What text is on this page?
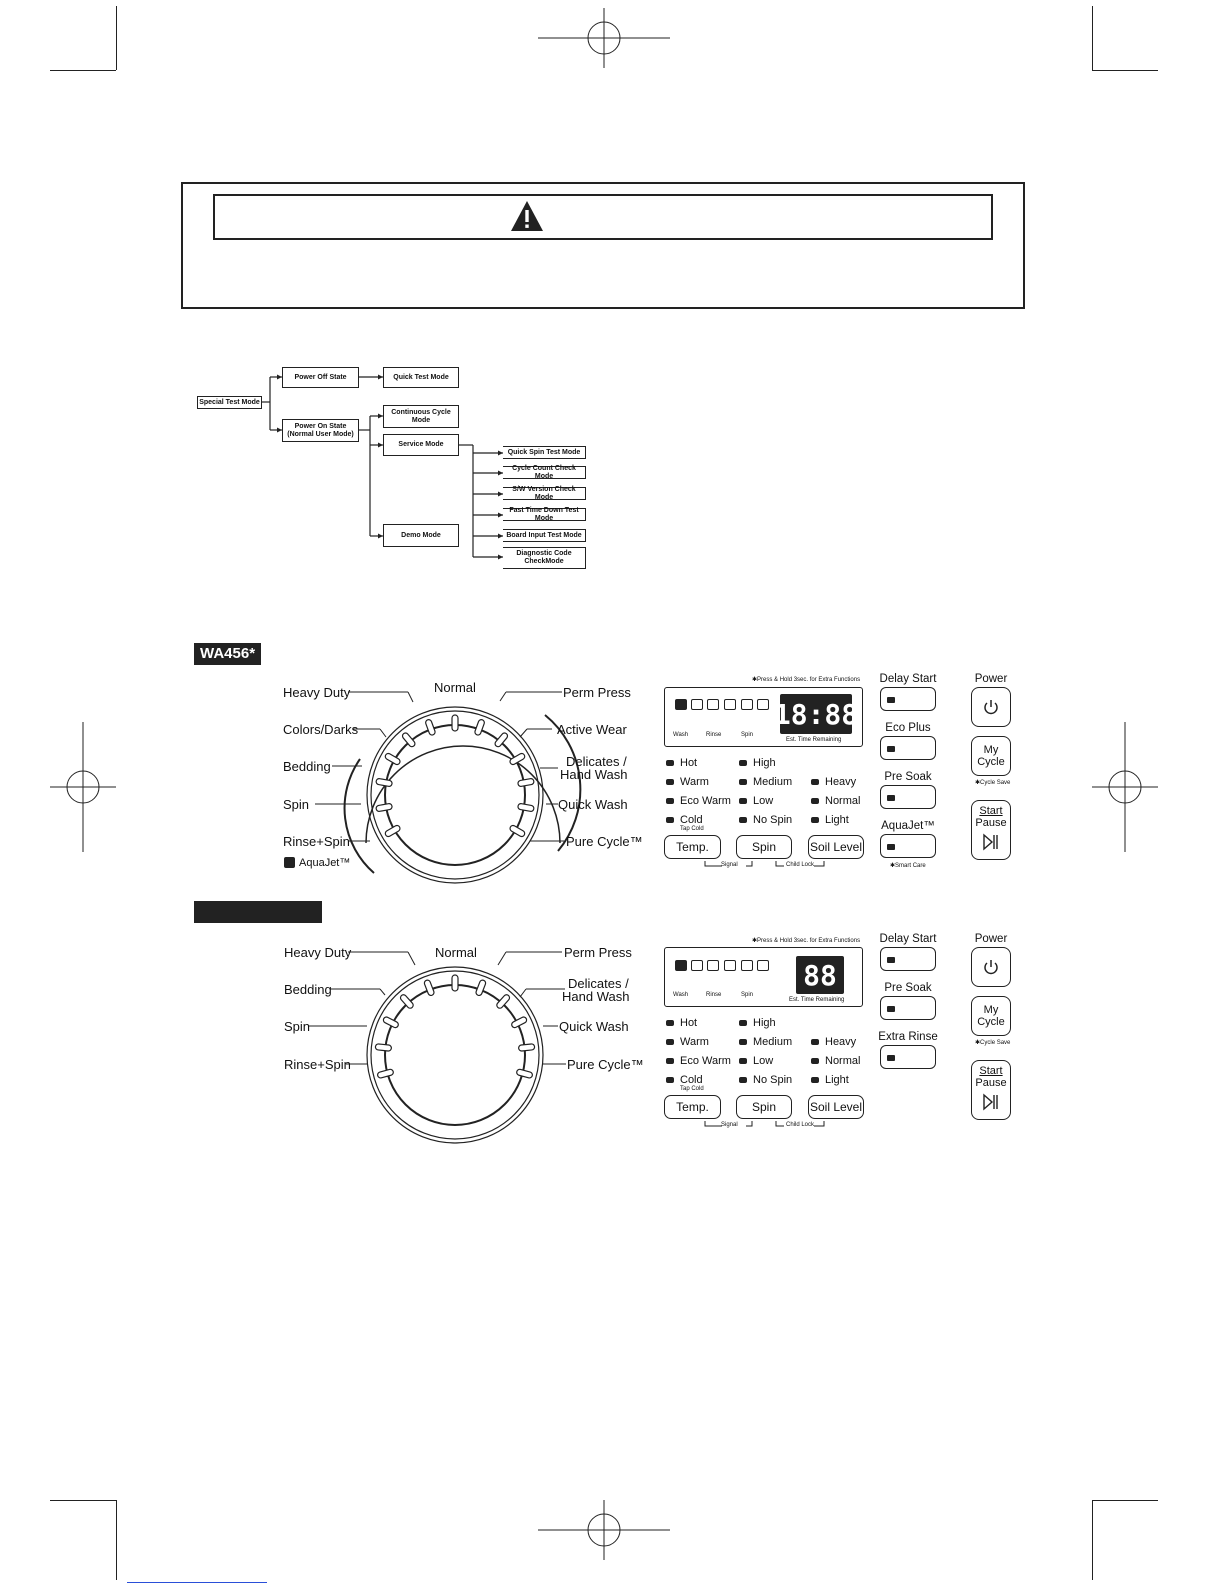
Special Test Mode
Power Off State	Quick Test Mode
Power On State (Normal User Mode)
Continuous Cycle Mode
Service Mode
Demo Mode
Quick Spin Test Mode
Cycle Count Check Mode
S/W Version Check Mode
Fast Time Down Test Mode
Board Input Test Mode
Diagnostic Code CheckMode
WA456*
Heavy Duty
Colors/Darks
Bedding
Spin
Rinse+Spin
Normal	Perm Press
Active Wear
Delicates /
Hand Wash
Quick Wash
Pure Cycle™
AquaJet™
✱Press & Hold 3sec. for Extra Functions
Wash	Rinse	Spin
18:88
Est. Time Remaining
Hot
Warm
Eco Warm
Cold
Tap Cold
High
Medium
Low
No Spin
Heavy
Normal
Light
Temp.	Spin	Soil Level
Signal	Child Lock
Delay Start
Eco Plus
Pre Soak
AquaJet™
✱Smart Care
Power
My
Cycle
✱Cycle Save
Start
Pause
Heavy Duty
Bedding
Spin
Rinse+Spin
Normal	Perm Press
Delicates /
Hand Wash
Quick Wash
Pure Cycle™
✱Press & Hold 3sec. for Extra Functions
Wash	Rinse	Spin
88
Est. Time Remaining
Hot
Warm
Eco Warm
Cold
Tap Cold
High
Medium
Low
No Spin
Heavy
Normal
Light
Temp.	Spin	Soil Level
Signal	Child Lock
Delay Start
Pre Soak
Extra Rinse
Power
My
Cycle
✱Cycle Save
Start
Pause
